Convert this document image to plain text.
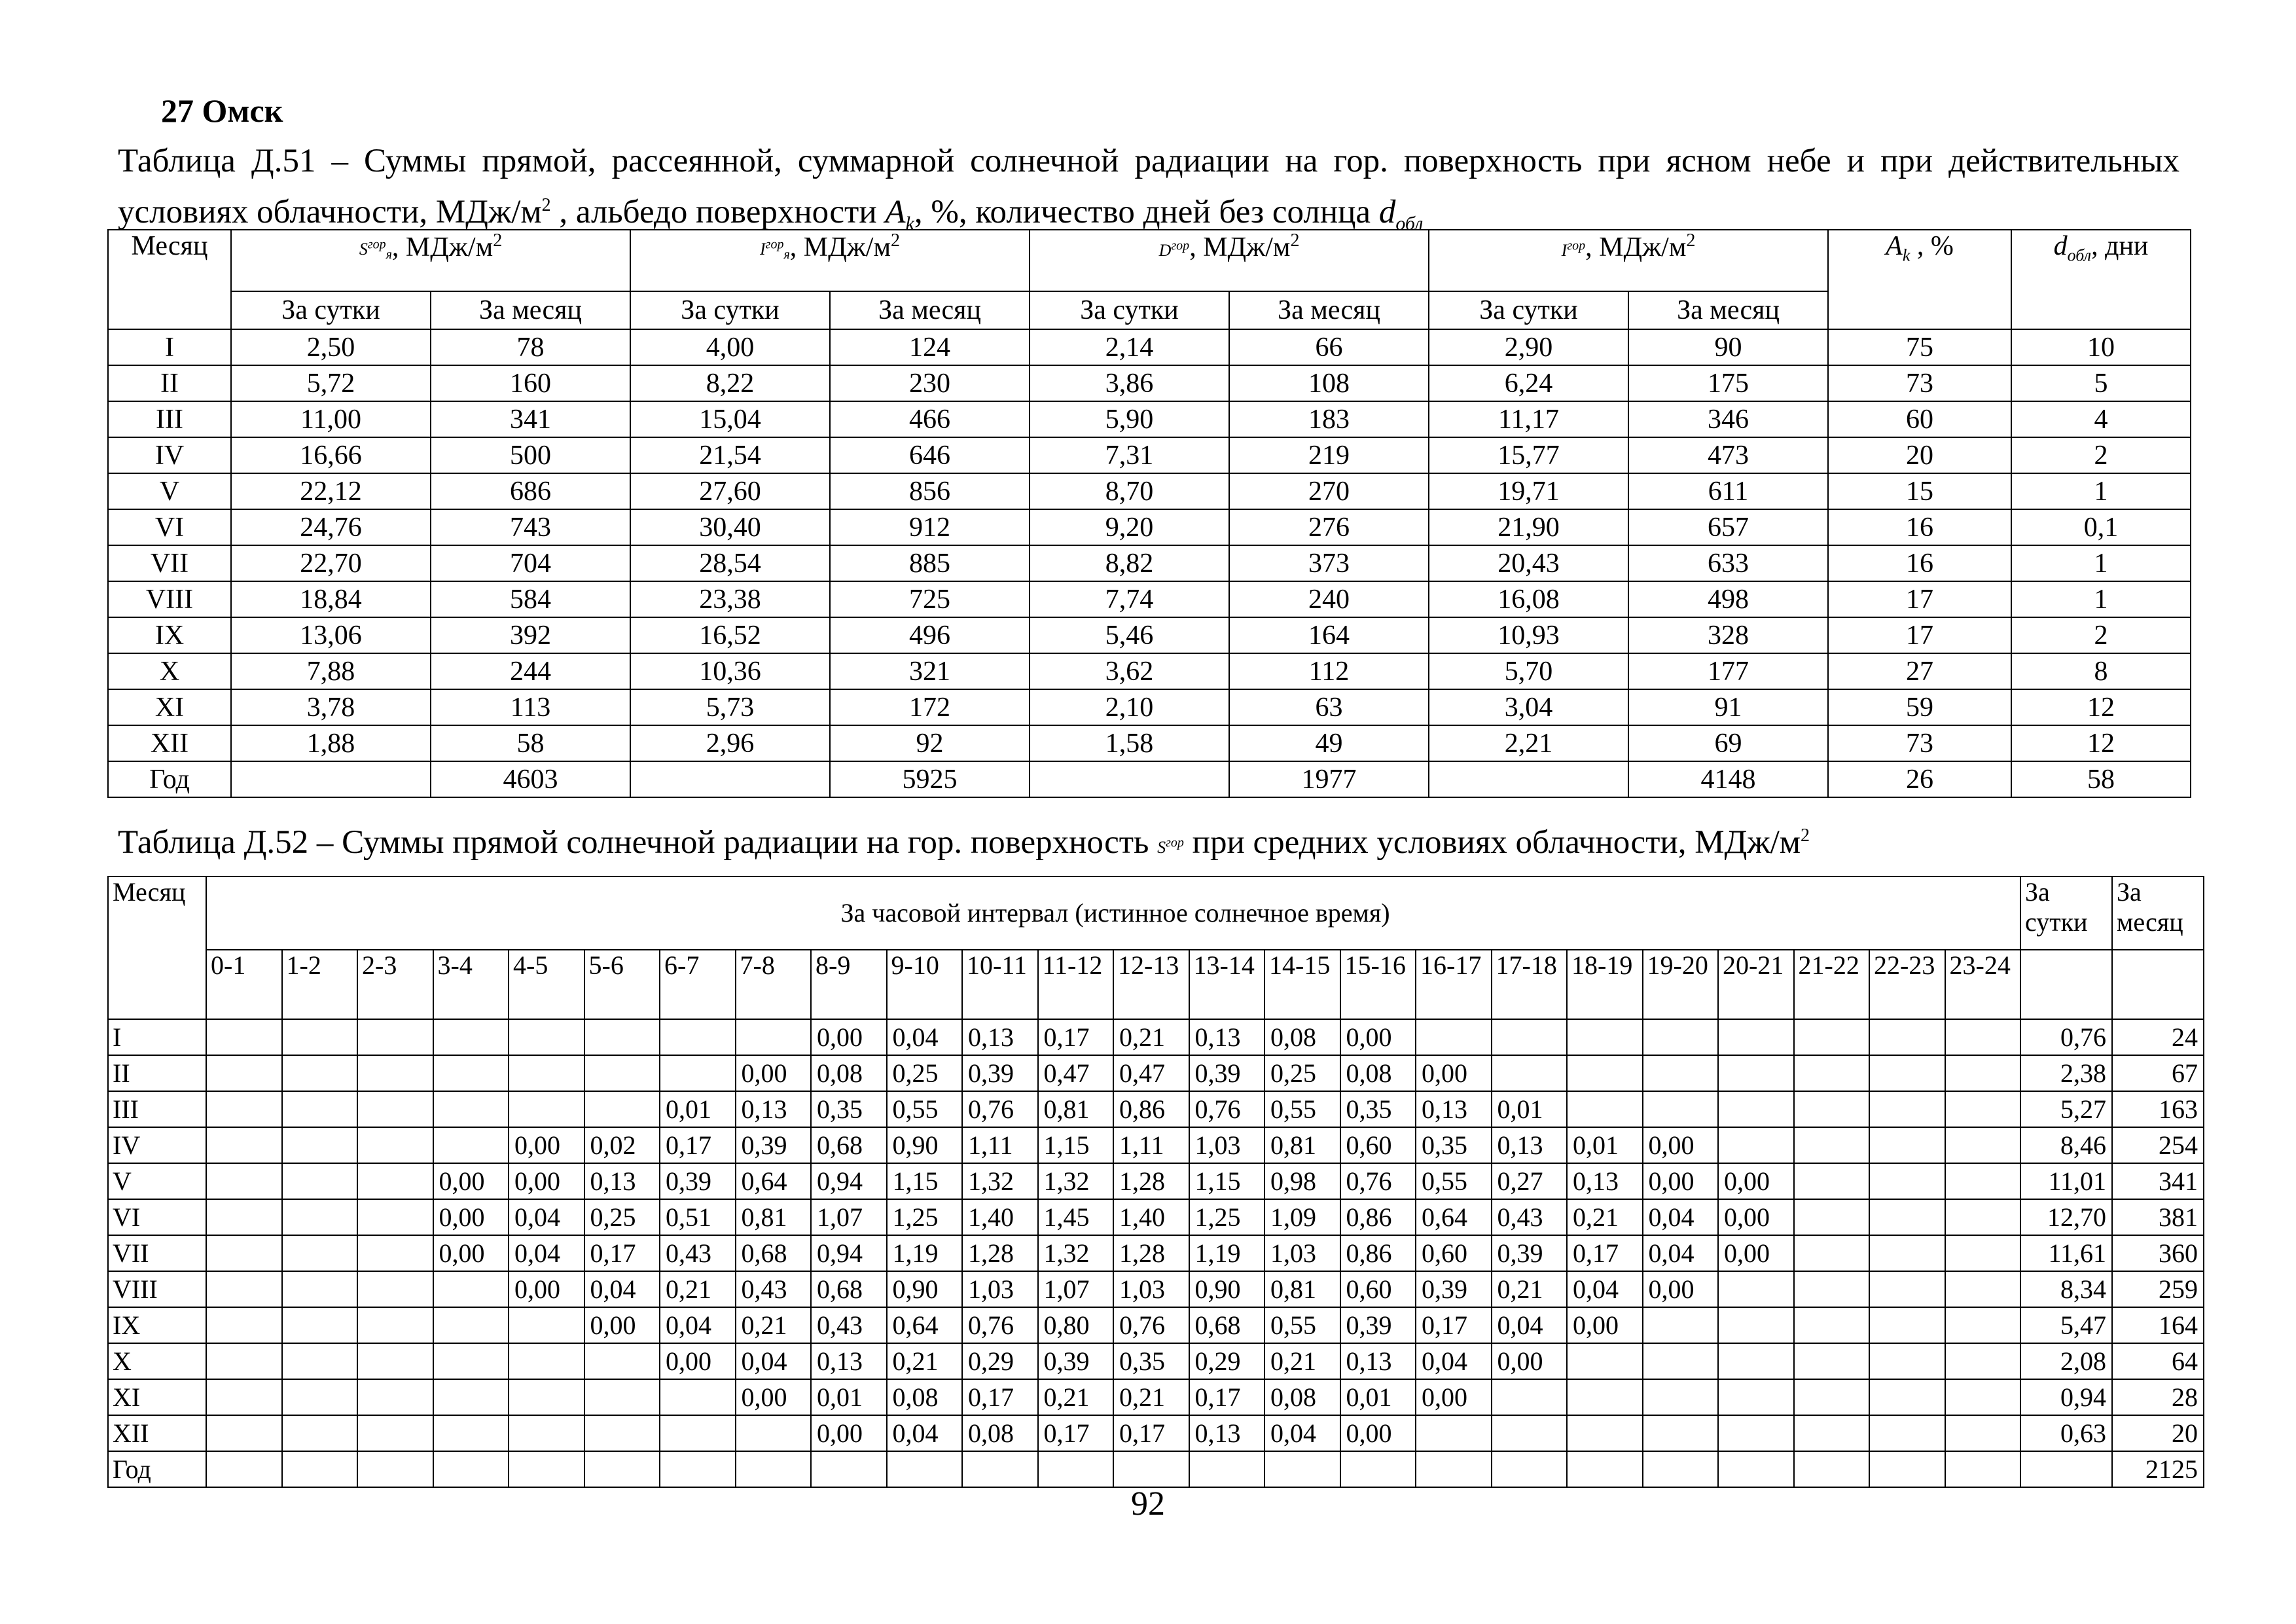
27 Омск
Таблица Д.51 – Суммы прямой, рассеянной, суммарной солнечной радиации на гор. поверхность при ясном небе и при действительных условиях облачности, МДж/$м^2$ , альбедо поверхности $A_k$, %, количество дней без солнца $d_{обл}$
Месяц	$S^{гор}_я$, МДж/$м^2$		$I^{гор}_я$, МДж/$м^2$		$D^{гор}$, МДж/$м^2$		$I^{гор}$, МДж/$м^2$		$A_k$ , %	$d_{обл}$, дни
	За сутки	За месяц	За сутки	За месяц	За сутки	За месяц	За сутки	За месяц		
I	2,50	78	4,00	124	2,14	66	2,90	90	75	10
II	5,72	160	8,22	230	3,86	108	6,24	175	73	5
III	11,00	341	15,04	466	5,90	183	11,17	346	60	4
IV	16,66	500	21,54	646	7,31	219	15,77	473	20	2
V	22,12	686	27,60	856	8,70	270	19,71	611	15	1
VI	24,76	743	30,40	912	9,20	276	21,90	657	16	0,1
VII	22,70	704	28,54	885	8,82	373	20,43	633	16	1
VIII	18,84	584	23,38	725	7,74	240	16,08	498	17	1
IX	13,06	392	16,52	496	5,46	164	10,93	328	17	2
X	7,88	244	10,36	321	3,62	112	5,70	177	27	8
XI	3,78	113	5,73	172	2,10	63	3,04	91	59	12
XII	1,88	58	2,96	92	1,58	49	2,21	69	73	12
Год		4603		5925		1977		4148	26	58
Таблица Д.52 – Суммы прямой солнечной радиации на гор. поверхность $S^{гор}$ при средних условиях облачности, МДж/$м^2$
Месяц	За часовой интервал (истинное солнечное время)																								За сутки	За месяц
	0-1	1-2	2-3	3-4	4-5	5-6	6-7	7-8	8-9	9-10	10-11	11-12	12-13	13-14	14-15	15-16	16-17	17-18	18-19	19-20	20-21	21-22	22-23	23-24		
I									0,00	0,04	0,13	0,17	0,21	0,13	0,08	0,00									0,76	24
II								0,00	0,08	0,25	0,39	0,47	0,47	0,39	0,25	0,08	0,00								2,38	67
III							0,01	0,13	0,35	0,55	0,76	0,81	0,86	0,76	0,55	0,35	0,13	0,01							5,27	163
IV					0,00	0,02	0,17	0,39	0,68	0,90	1,11	1,15	1,11	1,03	0,81	0,60	0,35	0,13	0,01	0,00					8,46	254
V				0,00	0,00	0,13	0,39	0,64	0,94	1,15	1,32	1,32	1,28	1,15	0,98	0,76	0,55	0,27	0,13	0,00	0,00				11,01	341
VI				0,00	0,04	0,25	0,51	0,81	1,07	1,25	1,40	1,45	1,40	1,25	1,09	0,86	0,64	0,43	0,21	0,04	0,00				12,70	381
VII				0,00	0,04	0,17	0,43	0,68	0,94	1,19	1,28	1,32	1,28	1,19	1,03	0,86	0,60	0,39	0,17	0,04	0,00				11,61	360
VIII					0,00	0,04	0,21	0,43	0,68	0,90	1,03	1,07	1,03	0,90	0,81	0,60	0,39	0,21	0,04	0,00					8,34	259
IX						0,00	0,04	0,21	0,43	0,64	0,76	0,80	0,76	0,68	0,55	0,39	0,17	0,04	0,00						5,47	164
X							0,00	0,04	0,13	0,21	0,29	0,39	0,35	0,29	0,21	0,13	0,04	0,00							2,08	64
XI								0,00	0,01	0,08	0,17	0,21	0,21	0,17	0,08	0,01	0,00								0,94	28
XII									0,00	0,04	0,08	0,17	0,17	0,13	0,04	0,00									0,63	20
Год																										2125
92
